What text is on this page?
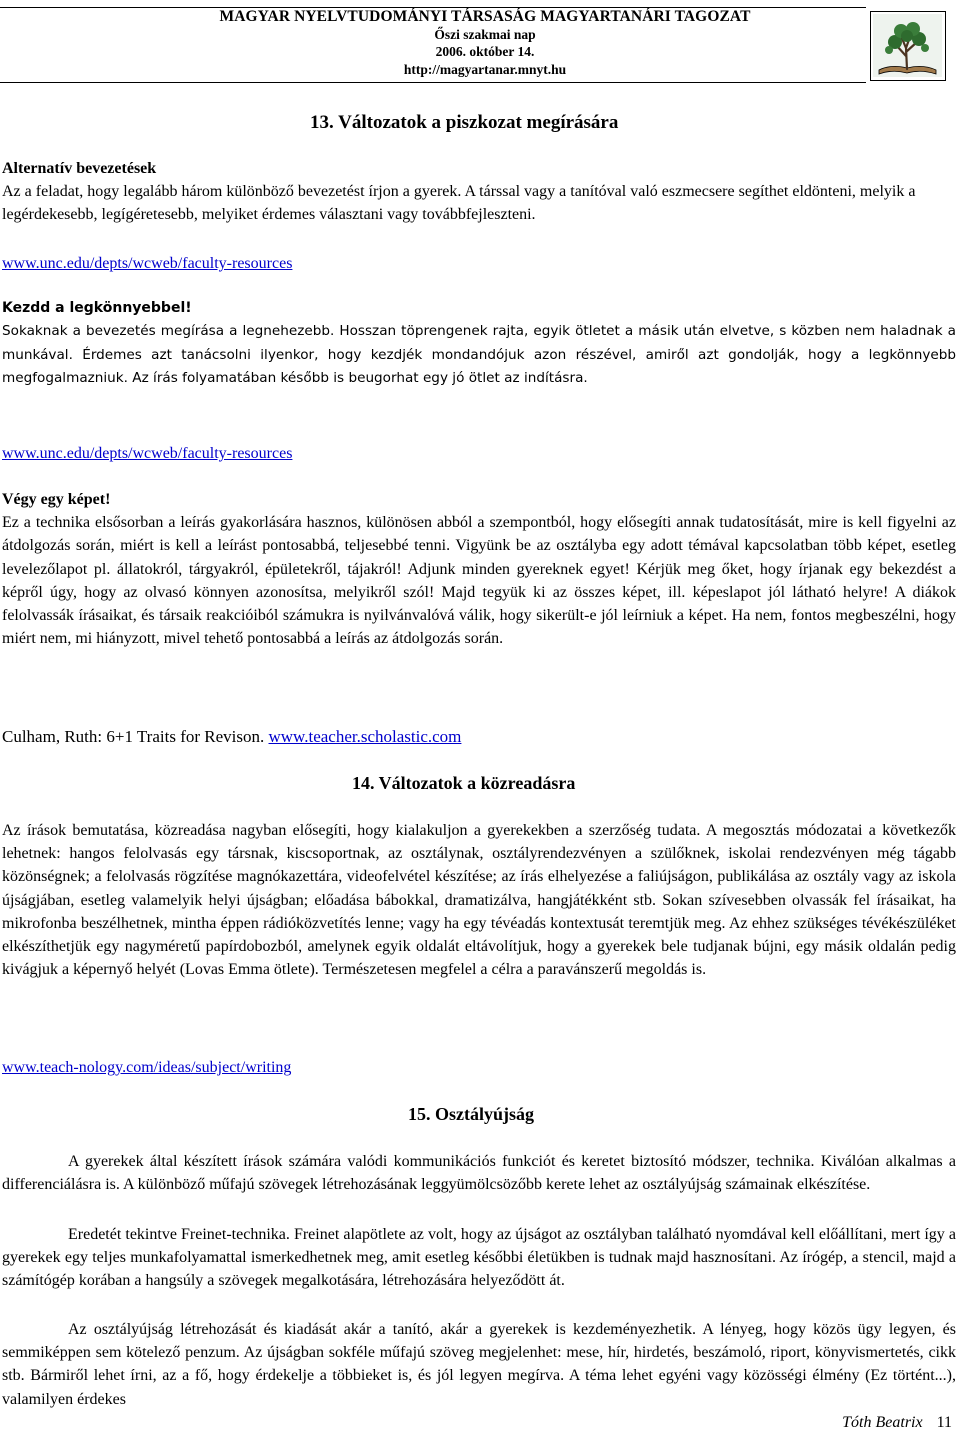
MAGYAR NYELVTUDOMÁNYI TÁRSASÁG MAGYARTANÁRI TAGOZAT
Őszi szakmai nap
2006. október 14.
http://magyartanar.mnyt.hu
13. Változatok a piszkozat megírására
Alternatív bevezetések
Az a feladat, hogy legalább három különböző bevezetést írjon a gyerek. A társsal vagy a tanítóval való eszmecsere segíthet eldönteni, melyik a legérdekesebb, legígéretesebb, melyiket érdemes választani vagy továbbfejleszteni.
www.unc.edu/depts/wcweb/faculty-resources
Kezdd a legkönnyebbel!
Sokaknak a bevezetés megírása a legnehezebb. Hosszan töprengenek rajta, egyik ötletet a másik után elvetve, s közben nem haladnak a munkával. Érdemes azt tanácsolni ilyenkor, hogy kezdjék mondandójuk azon részével, amiről azt gondolják, hogy a legkönnyebb megfogalmazniuk. Az írás folyamatában később is beugorhat egy jó ötlet az indításra.
www.unc.edu/depts/wcweb/faculty-resources
Végy egy képet!
Ez a technika elsősorban a leírás gyakorlására hasznos, különösen abból a szempontból, hogy elősegíti annak tudatosítását, mire is kell figyelni az átdolgozás során, miért is kell a leírást pontosabbá, teljesebbé tenni. Vigyünk be az osztályba egy adott témával kapcsolatban több képet, esetleg levelezőlapot pl. állatokról, tárgyakról, épületekről, tájakról! Adjunk minden gyereknek egyet! Kérjük meg őket, hogy írjanak egy bekezdést a képről úgy, hogy az olvasó könnyen azonosítsa, melyikről szól! Majd tegyük ki az összes képet, ill. képeslapot jól látható helyre! A diákok felolvassák írásaikat, és társaik reakcióiból számukra is nyilvánvalóvá válik, hogy sikerült-e jól leírniuk a képet. Ha nem, fontos megbeszélni, hogy miért nem, mi hiányzott, mivel tehető pontosabbá a leírás az átdolgozás során.
Culham, Ruth: 6+1 Traits for Revison. www.teacher.scholastic.com
14. Változatok a közreadásra
Az írások bemutatása, közreadása nagyban elősegíti, hogy kialakuljon a gyerekekben a szerzőség tudata. A megosztás módozatai a következők lehetnek: hangos felolvasás egy társnak, kiscsoportnak, az osztálynak, osztályrendezvényen a szülőknek, iskolai rendezvényen még tágabb közönségnek; a felolvasás rögzítése magnókazettára, videofelvétel készítése; az írás elhelyezése a faliújságon, publikálása az osztály vagy az iskola újságjában, esetleg valamelyik helyi újságban; előadása bábokkal, dramatizálva, hangjátékként stb. Sokan szívesebben olvassák fel írásaikat, ha mikrofonba beszélhetnek, mintha éppen rádióközvetítés lenne; vagy ha egy tévéadás kontextusát teremtjük meg. Az ehhez szükséges tévékészüléket elkészíthetjük egy nagyméretű papírdobozból, amelynek egyik oldalát eltávolítjuk, hogy a gyerekek bele tudjanak bújni, egy másik oldalán pedig kivágjuk a képernyő helyét (Lovas Emma ötlete). Természetesen megfelel a célra a paravánszerű megoldás is.
www.teach-nology.com/ideas/subject/writing
15. Osztályújság
A gyerekek által készített írások számára valódi kommunikációs funkciót és keretet biztosító módszer, technika. Kiválóan alkalmas a differenciálásra is. A különböző műfajú szövegek létrehozásának leggyümölcsözőbb kerete lehet az osztályújság számainak elkészítése.
Eredetét tekintve Freinet-technika. Freinet alapötlete az volt, hogy az újságot az osztályban található nyomdával kell előállítani, mert így a gyerekek egy teljes munkafolyamattal ismerkedhetnek meg, amit esetleg későbbi életükben is tudnak majd hasznosítani. Az írógép, a stencil, majd a számítógép korában a hangsúly a szövegek megalkotására, létrehozására helyeződött át.
Az osztályújság létrehozását és kiadását akár a tanító, akár a gyerekek is kezdeményezhetik. A lényeg, hogy közös ügy legyen, és semmiképpen sem kötelező penzum. Az újságban sokféle műfajú szöveg megjelenhet: mese, hír, hirdetés, beszámoló, riport, könyvismertetés, cikk stb. Bármiről lehet írni, az a fő, hogy érdekelje a többieket is, és jól legyen megírva. A téma lehet egyéni vagy közösségi élmény (Ez történt...), valamilyen érdekes
Tóth Beatrix 11
